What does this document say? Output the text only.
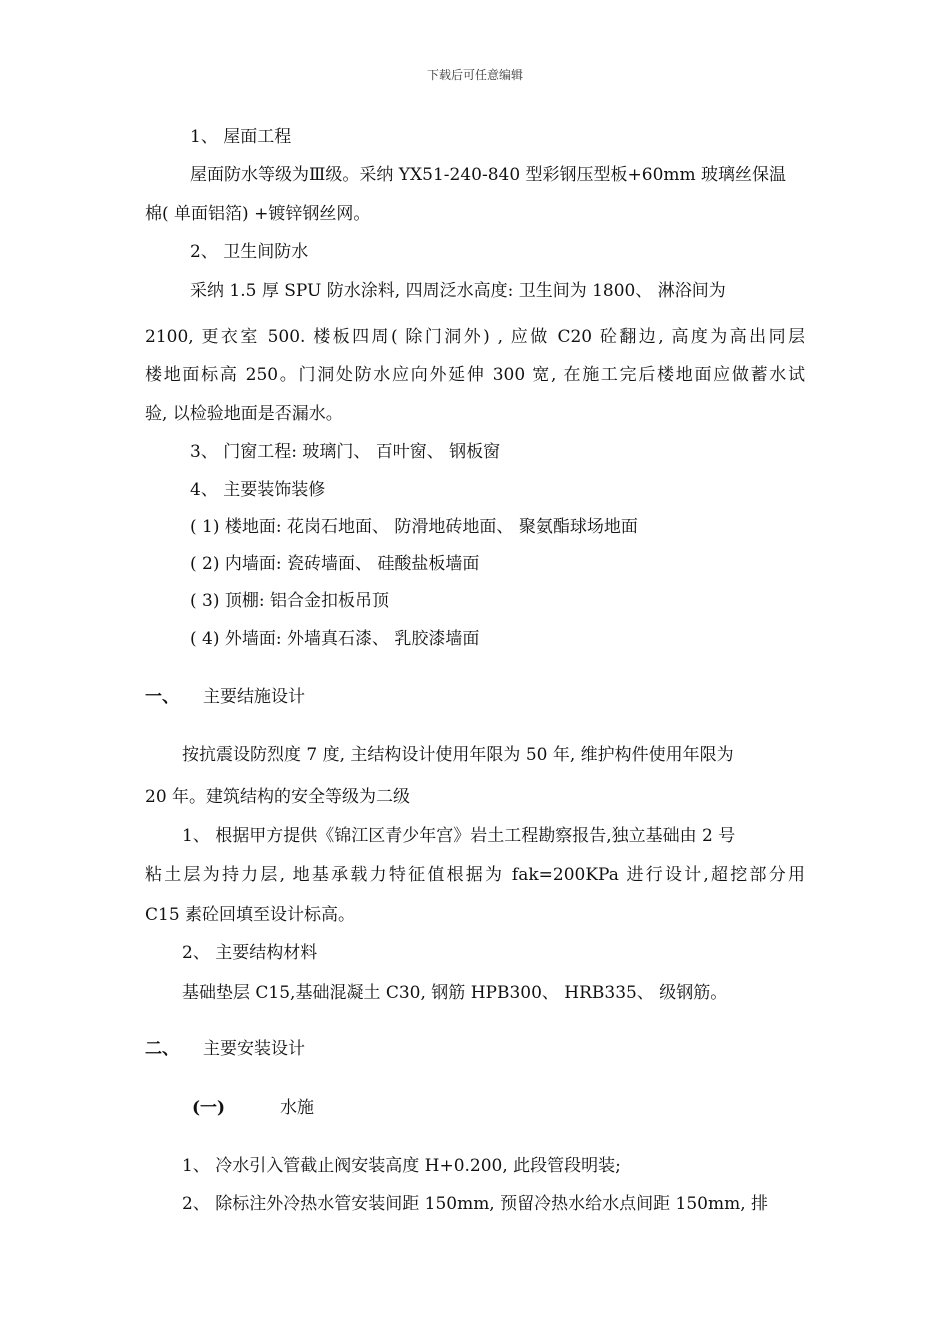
下载后可任意编辑
1、 屋面工程
屋面防水等级为Ⅲ级。采纳 YX51-240-840 型彩钢压型板+60mm 玻璃丝保温
棉( 单面铝箔) +镀锌钢丝网。
2、 卫生间防水
采纳 1.5 厚 SPU 防水涂料, 四周泛水高度: 卫生间为 1800、 淋浴间为
2100, 更衣室 500. 楼板四周( 除门洞外) , 应做 C20 砼翻边, 高度为高出同层
楼地面标高 250。门洞处防水应向外延伸 300 宽, 在施工完后楼地面应做蓄水试
验, 以检验地面是否漏水。
3、 门窗工程: 玻璃门、 百叶窗、 钢板窗
4、 主要装饰装修
( 1) 楼地面: 花岗石地面、 防滑地砖地面、 聚氨酯球场地面
( 2) 内墙面: 瓷砖墙面、 硅酸盐板墙面
( 3) 顶棚: 铝合金扣板吊顶
( 4) 外墙面: 外墙真石漆、 乳胶漆墙面
一、 主要结施设计
按抗震设防烈度 7 度, 主结构设计使用年限为 50 年, 维护构件使用年限为
20 年。建筑结构的安全等级为二级
1、 根据甲方提供《锦江区青少年宫》岩土工程勘察报告,独立基础由 2 号
粘土层为持力层, 地基承载力特征值根据为 fak=200KPa 进行设计,超挖部分用
C15 素砼回填至设计标高。
2、 主要结构材料
基础垫层 C15,基础混凝土 C30, 钢筋 HPB300、 HRB335、 级钢筋。
二、 主要安装设计
(一)	水施
1、 冷水引入管截止阀安装高度 H+0.200, 此段管段明装;
2、 除标注外冷热水管安装间距 150mm, 预留冷热水给水点间距 150mm, 排
